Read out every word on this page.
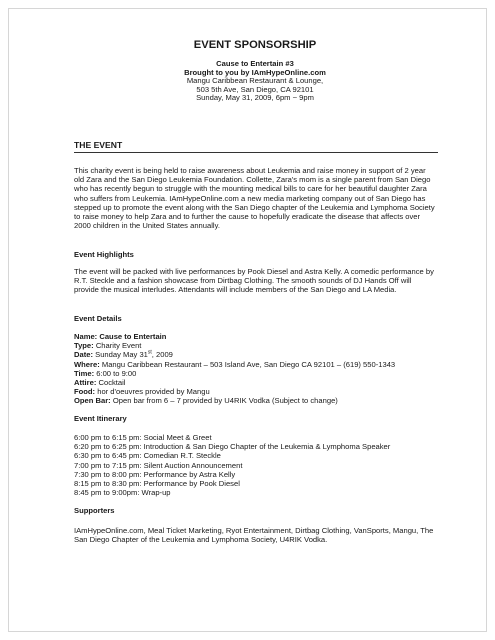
EVENT SPONSORSHIP
Cause to Entertain #3
Brought to you by IAmHypeOnline.com
Mangu Caribbean Restaurant & Lounge,
503 5th Ave, San Diego, CA 92101
Sunday, May 31, 2009, 6pm ~ 9pm
THE EVENT

This charity event is being held to raise awareness about Leukemia and raise money in support of 2 year old Zara and the San Diego Leukemia Foundation. Collette, Zara's mom is a single parent from San Diego who has recently begun to struggle with the mounting medical bills to care for her beautiful daughter Zara who suffers from Leukemia. IAmHypeOnline.com a new media marketing company out of San Diego has stepped up to promote the event along with the San Diego chapter of the Leukemia and Lymphoma Society to raise money to help Zara and to further the cause to hopefully eradicate the disease that affects over 2000 children in the United States annually.

Event Highlights

The event will be packed with live performances by Pook Diesel and Astra Kelly. A comedic performance by R.T. Steckle and a fashion showcase from Dirtbag Clothing. The smooth sounds of DJ Hands Off will provide the musical interludes. Attendants will include members of the San Diego and LA Media.

Event Details

Name: Cause to Entertain
Type: Charity Event
Date: Sunday May 31st, 2009
Where: Mangu Caribbean Restaurant – 503 Island Ave, San Diego CA 92101 – (619) 550-1343
Time: 6:00 to 9:00
Attire: Cocktail
Food: hor d'oeuvres provided by Mangu
Open Bar: Open bar from 6 – 7 provided by U4RIK Vodka (Subject to change)

Event Itinerary

6:00 pm to 6:15 pm: Social Meet & Greet
6:20 pm to 6:25 pm: Introduction & San Diego Chapter of the Leukemia & Lymphoma Speaker
6:30 pm to 6:45 pm: Comedian R.T. Steckle
7:00 pm to 7:15 pm: Silent Auction Announcement
7:30 pm to 8:00 pm: Performance by Astra Kelly
8:15 pm to 8:30 pm: Performance by Pook Diesel
8:45 pm to 9:00pm: Wrap-up

Supporters

IAmHypeOnline.com, Meal Ticket Marketing, Ryot Entertainment, Dirtbag Clothing, VanSports, Mangu, The San Diego Chapter of the Leukemia and Lymphoma Society, U4RIK Vodka.
